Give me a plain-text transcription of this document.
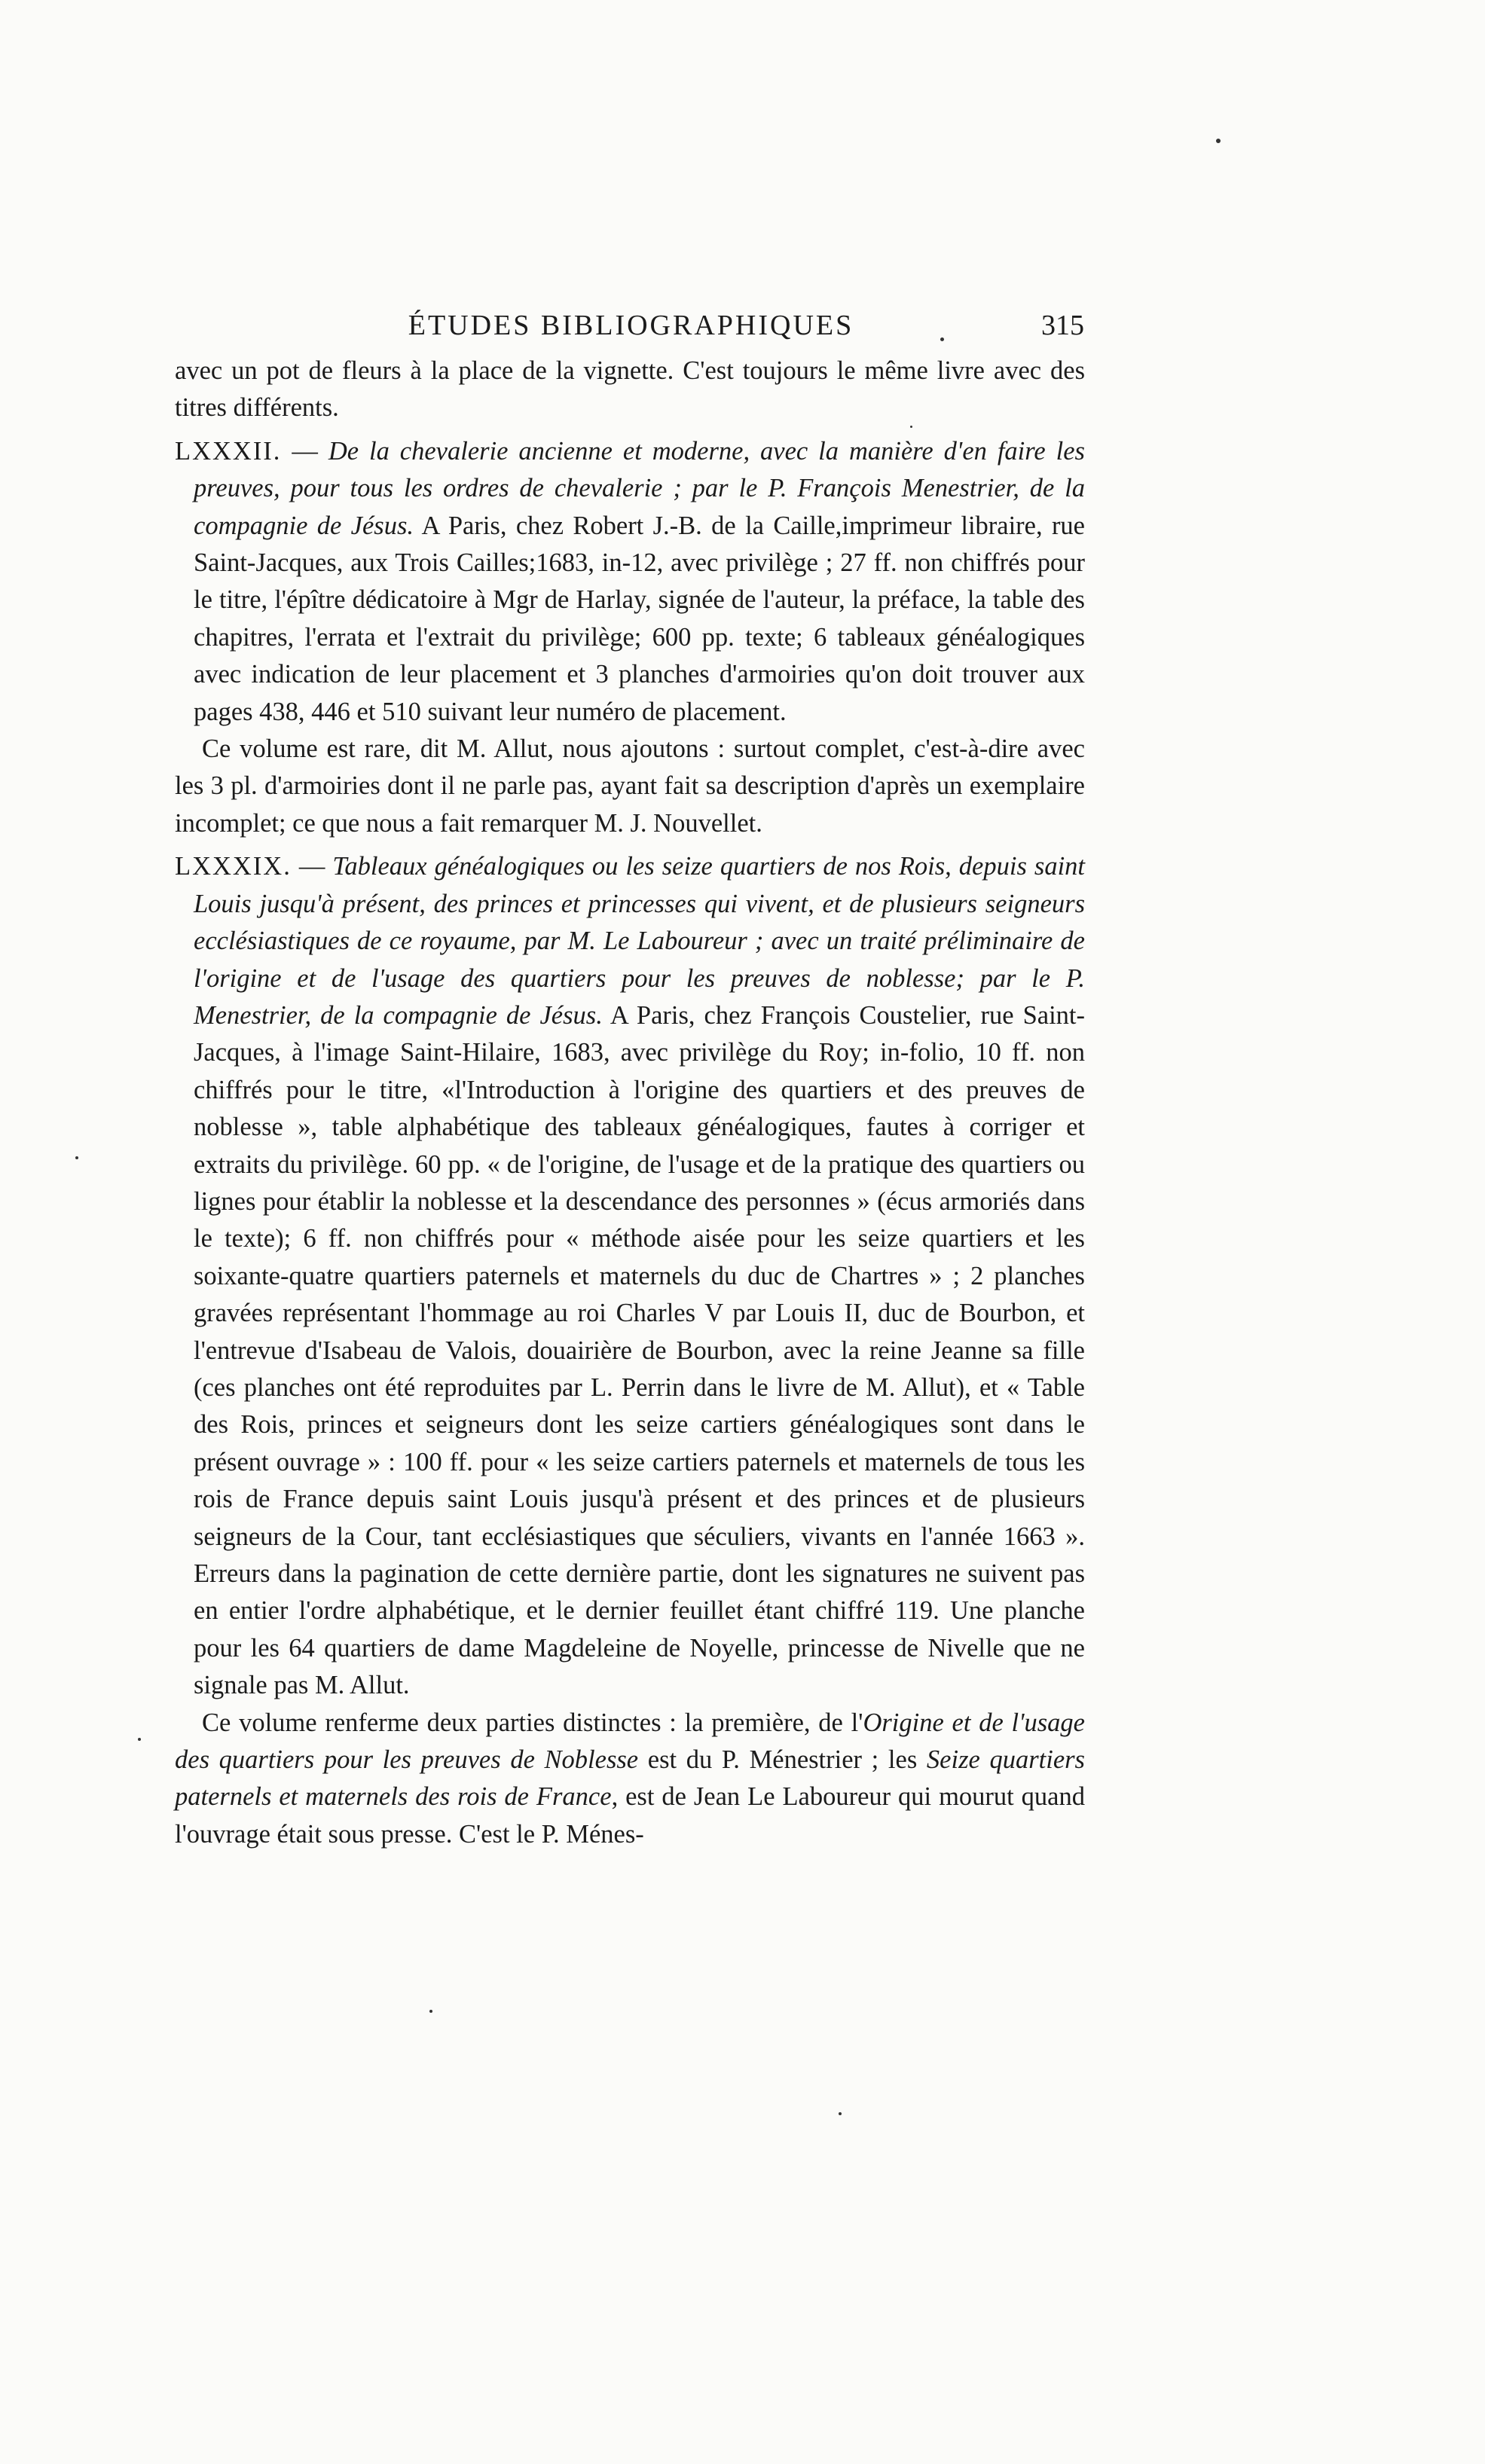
ÉTUDES BIBLIOGRAPHIQUES	315

avec un pot de fleurs à la place de la vignette. C'est toujours le même livre avec des titres différents.

LXXXII. — De la chevalerie ancienne et moderne, avec la manière d'en faire les preuves, pour tous les ordres de chevalerie ; par le P. François Menestrier, de la compagnie de Jésus. A Paris, chez Robert J.-B. de la Caille,imprimeur libraire, rue Saint-Jacques, aux Trois Cailles;1683, in-12, avec privilège ; 27 ff. non chiffrés pour le titre, l'épître dédicatoire à Mgr de Harlay, signée de l'auteur, la préface, la table des chapitres, l'errata et l'extrait du privilège; 600 pp. texte; 6 tableaux généalogiques avec indication de leur placement et 3 planches d'armoiries qu'on doit trouver aux pages 438, 446 et 510 suivant leur numéro de placement.

Ce volume est rare, dit M. Allut, nous ajoutons : surtout complet, c'est-à-dire avec les 3 pl. d'armoiries dont il ne parle pas, ayant fait sa description d'après un exemplaire incomplet; ce que nous a fait remarquer M. J. Nouvellet.

LXXXIX. — Tableaux généalogiques ou les seize quartiers de nos Rois, depuis saint Louis jusqu'à présent, des princes et princesses qui vivent, et de plusieurs seigneurs ecclésiastiques de ce royaume, par M. Le Laboureur ; avec un traité préliminaire de l'origine et de l'usage des quartiers pour les preuves de noblesse; par le P. Menestrier, de la compagnie de Jésus. A Paris, chez François Coustelier, rue Saint-Jacques, à l'image Saint-Hilaire, 1683, avec privilège du Roy; in-folio, 10 ff. non chiffrés pour le titre, «l'Introduction à l'origine des quartiers et des preuves de noblesse », table alphabétique des tableaux généalogiques, fautes à corriger et extraits du privilège. 60 pp. « de l'origine, de l'usage et de la pratique des quartiers ou lignes pour établir la noblesse et la descendance des personnes » (écus armoriés dans le texte); 6 ff. non chiffrés pour « méthode aisée pour les seize quartiers et les soixante-quatre quartiers paternels et maternels du duc de Chartres » ; 2 planches gravées représentant l'hommage au roi Charles V par Louis II, duc de Bourbon, et l'entrevue d'Isabeau de Valois, douairière de Bourbon, avec la reine Jeanne sa fille (ces planches ont été reproduites par L. Perrin dans le livre de M. Allut), et « Table des Rois, princes et seigneurs dont les seize cartiers généalogiques sont dans le présent ouvrage » : 100 ff. pour « les seize cartiers paternels et maternels de tous les rois de France depuis saint Louis jusqu'à présent et des princes et de plusieurs seigneurs de la Cour, tant ecclésiastiques que séculiers, vivants en l'année 1663 ». Erreurs dans la pagination de cette dernière partie, dont les signatures ne suivent pas en entier l'ordre alphabétique, et le dernier feuillet étant chiffré 119. Une planche pour les 64 quartiers de dame Magdeleine de Noyelle, princesse de Nivelle que ne signale pas M. Allut.

Ce volume renferme deux parties distinctes : la première, de l'Origine et de l'usage des quartiers pour les preuves de Noblesse est du P. Ménestrier ; les Seize quartiers paternels et maternels des rois de France, est de Jean Le Laboureur qui mourut quand l'ouvrage était sous presse. C'est le P. Ménes-
